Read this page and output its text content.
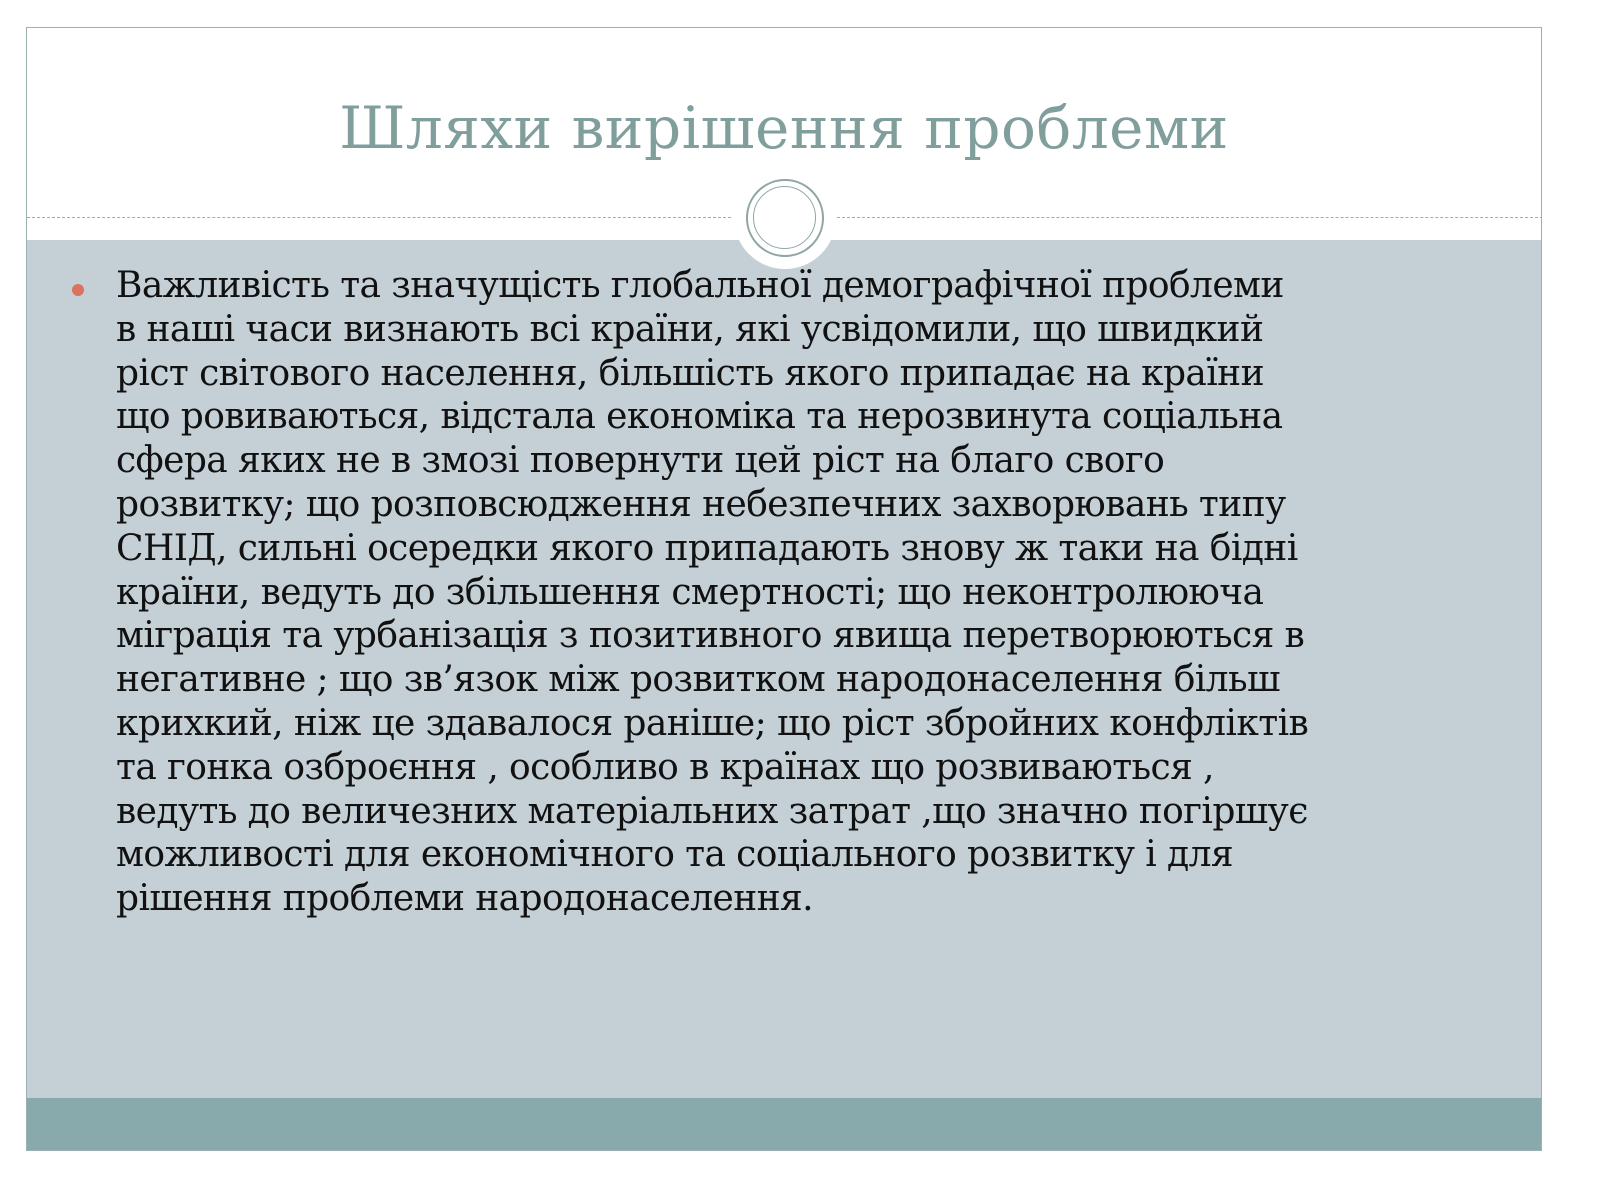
Шляхи вирішення проблеми

Важливість та значущість глобальної демографічної проблеми
в наші часи визнають всі країни, які усвідомили, що швидкий
ріст світового населення, більшість якого припадає на країни
що ровиваються, відстала економіка та нерозвинута соціальна
сфера яких не в змозі повернути цей ріст на благо свого
розвитку; що розповсюдження небезпечних захворювань типу
СНІД, сильні осередки якого припадають знову ж таки на бідні
країни, ведуть до збільшення смертності; що неконтролююча
міграція та урбанізація з позитивного явища перетворюються в
негативне ; що зв’язок між розвитком народонаселення більш
крихкий, ніж це здавалося раніше; що ріст збройних конфліктів
та гонка озброєння , особливо в країнах що розвиваються ,
ведуть до величезних матеріальних затрат ,що значно погіршує
можливості для економічного та соціального розвитку і для
рішення проблеми народонаселення.
